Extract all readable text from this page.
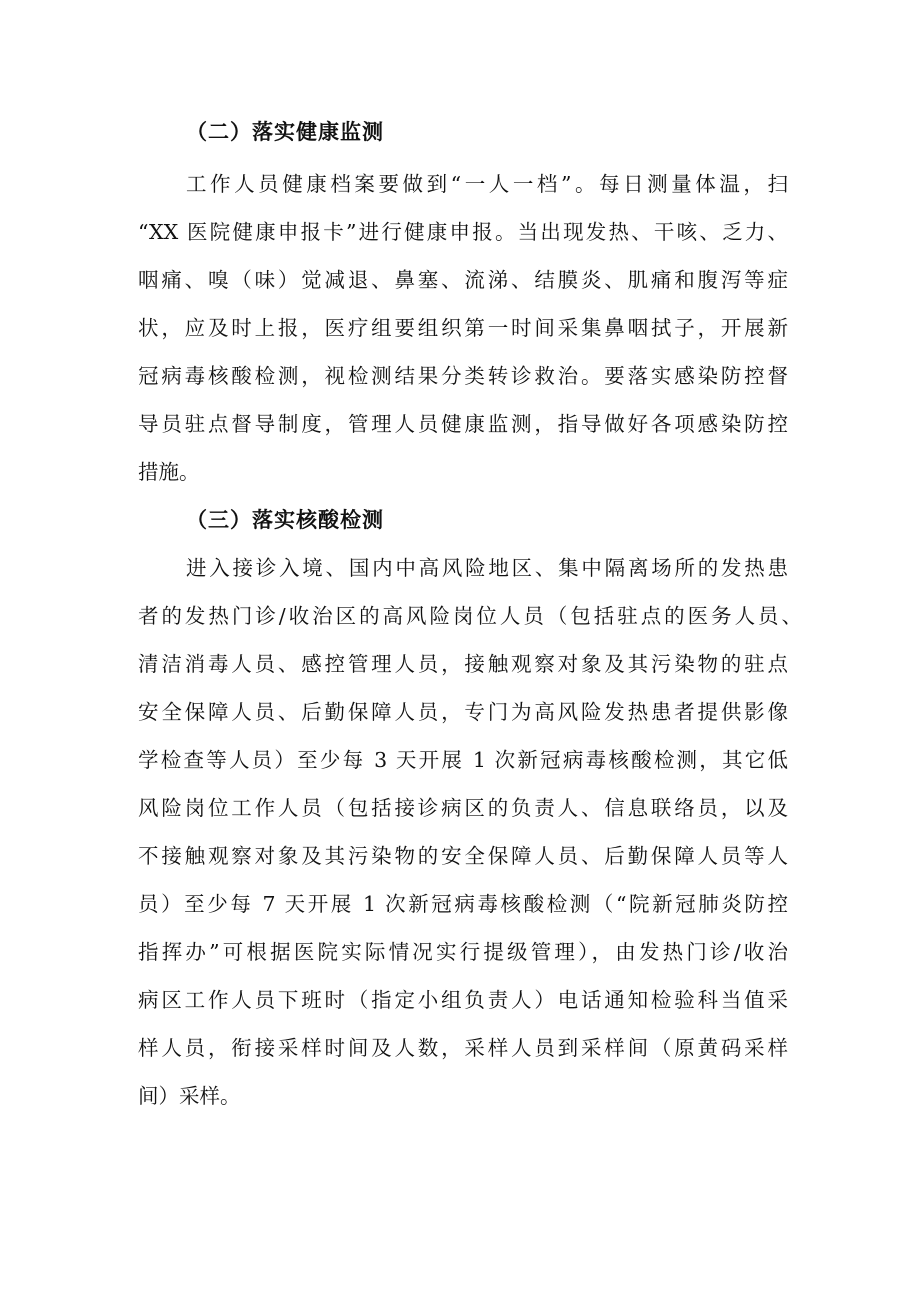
（二）落实健康监测
工作人员健康档案要做到“一人一档”。每日测量体温，扫
“XX 医院健康申报卡”进行健康申报。当出现发热、干咳、乏力、
咽痛、嗅（味）觉减退、鼻塞、流涕、结膜炎、肌痛和腹泻等症
状，应及时上报，医疗组要组织第一时间采集鼻咽拭子，开展新
冠病毒核酸检测，视检测结果分类转诊救治。要落实感染防控督
导员驻点督导制度，管理人员健康监测，指导做好各项感染防控
措施。
（三）落实核酸检测
进入接诊入境、国内中高风险地区、集中隔离场所的发热患
者的发热门诊/收治区的高风险岗位人员（包括驻点的医务人员、
清洁消毒人员、感控管理人员，接触观察对象及其污染物的驻点
安全保障人员、后勤保障人员，专门为高风险发热患者提供影像
学检查等人员）至少每 3 天开展 1 次新冠病毒核酸检测，其它低
风险岗位工作人员（包括接诊病区的负责人、信息联络员，以及
不接触观察对象及其污染物的安全保障人员、后勤保障人员等人
员）至少每 7 天开展 1 次新冠病毒核酸检测（“院新冠肺炎防控
指挥办”可根据医院实际情况实行提级管理），由发热门诊/收治
病区工作人员下班时（指定小组负责人）电话通知检验科当值采
样人员，衔接采样时间及人数，采样人员到采样间（原黄码采样
间）采样。
